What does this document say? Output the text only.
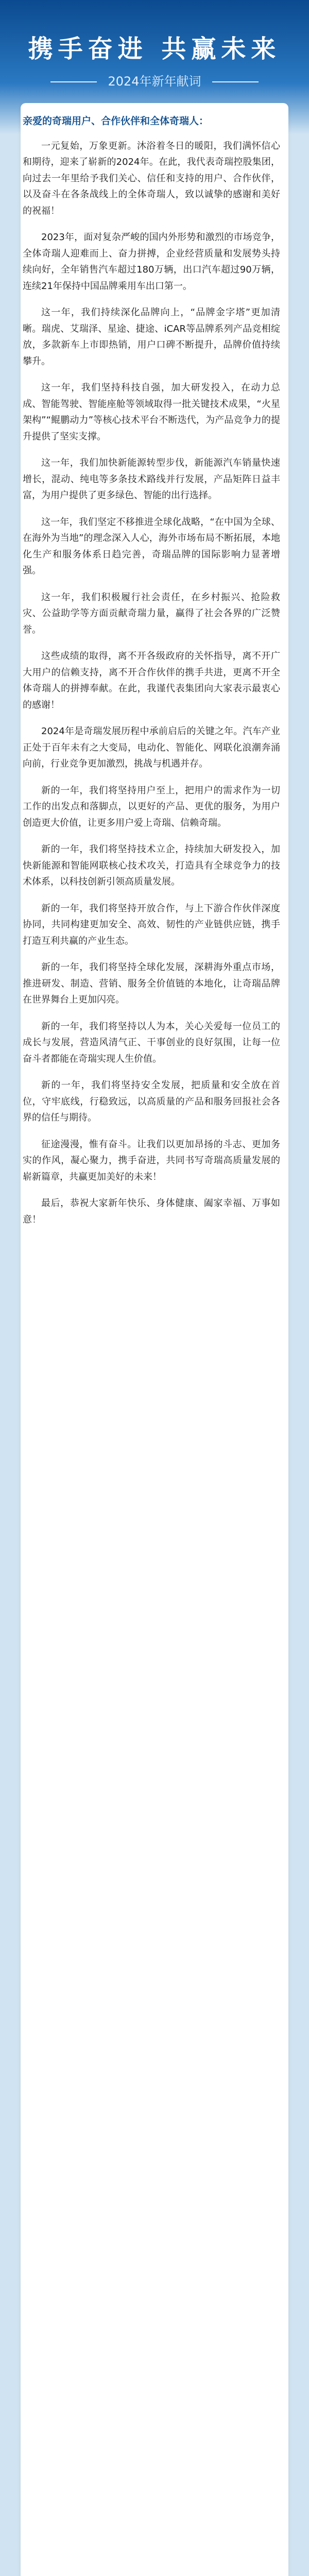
携手奋进 共赢未来
2024年新年献词

亲爱的奇瑞用户、合作伙伴和全体奇瑞人：

一元复始，万象更新。沐浴着冬日的暖阳，我们满怀信心和期待，迎来了崭新的2024年。在此，我代表奇瑞控股集团，向过去一年里给予我们关心、信任和支持的用户、合作伙伴，以及奋斗在各条战线上的全体奇瑞人，致以诚挚的感谢和美好的祝福！

2023年，面对复杂严峻的国内外形势和激烈的市场竞争，全体奇瑞人迎难而上、奋力拼搏，企业经营质量和发展势头持续向好，全年销售汽车超过180万辆，出口汽车超过90万辆，连续21年保持中国品牌乘用车出口第一。

这一年，我们持续深化品牌向上，“品牌金字塔”更加清晰。瑞虎、艾瑞泽、星途、捷途、iCAR等品牌系列产品竞相绽放，多款新车上市即热销，用户口碑不断提升，品牌价值持续攀升。

这一年，我们坚持科技自强，加大研发投入，在动力总成、智能驾驶、智能座舱等领域取得一批关键技术成果，“火星架构”“鲲鹏动力”等核心技术平台不断迭代，为产品竞争力的提升提供了坚实支撑。

这一年，我们加快新能源转型步伐，新能源汽车销量快速增长，混动、纯电等多条技术路线并行发展，产品矩阵日益丰富，为用户提供了更多绿色、智能的出行选择。

这一年，我们坚定不移推进全球化战略，“在中国为全球、在海外为当地”的理念深入人心，海外市场布局不断拓展，本地化生产和服务体系日趋完善，奇瑞品牌的国际影响力显著增强。

这一年，我们积极履行社会责任，在乡村振兴、抢险救灾、公益助学等方面贡献奇瑞力量，赢得了社会各界的广泛赞誉。

这些成绩的取得，离不开各级政府的关怀指导，离不开广大用户的信赖支持，离不开合作伙伴的携手共进，更离不开全体奇瑞人的拼搏奉献。在此，我谨代表集团向大家表示最衷心的感谢！

2024年是奇瑞发展历程中承前启后的关键之年。汽车产业正处于百年未有之大变局，电动化、智能化、网联化浪潮奔涌向前，行业竞争更加激烈，挑战与机遇并存。

新的一年，我们将坚持用户至上，把用户的需求作为一切工作的出发点和落脚点，以更好的产品、更优的服务，为用户创造更大价值，让更多用户爱上奇瑞、信赖奇瑞。

新的一年，我们将坚持技术立企，持续加大研发投入，加快新能源和智能网联核心技术攻关，打造具有全球竞争力的技术体系，以科技创新引领高质量发展。

新的一年，我们将坚持开放合作，与上下游合作伙伴深度协同，共同构建更加安全、高效、韧性的产业链供应链，携手打造互利共赢的产业生态。

新的一年，我们将坚持全球化发展，深耕海外重点市场，推进研发、制造、营销、服务全价值链的本地化，让奇瑞品牌在世界舞台上更加闪亮。

新的一年，我们将坚持以人为本，关心关爱每一位员工的成长与发展，营造风清气正、干事创业的良好氛围，让每一位奋斗者都能在奇瑞实现人生价值。

新的一年，我们将坚持安全发展，把质量和安全放在首位，守牢底线，行稳致远，以高质量的产品和服务回报社会各界的信任与期待。

征途漫漫，惟有奋斗。让我们以更加昂扬的斗志、更加务实的作风，凝心聚力，携手奋进，共同书写奇瑞高质量发展的崭新篇章，共赢更加美好的未来！

最后，恭祝大家新年快乐、身体健康、阖家幸福、万事如意！
